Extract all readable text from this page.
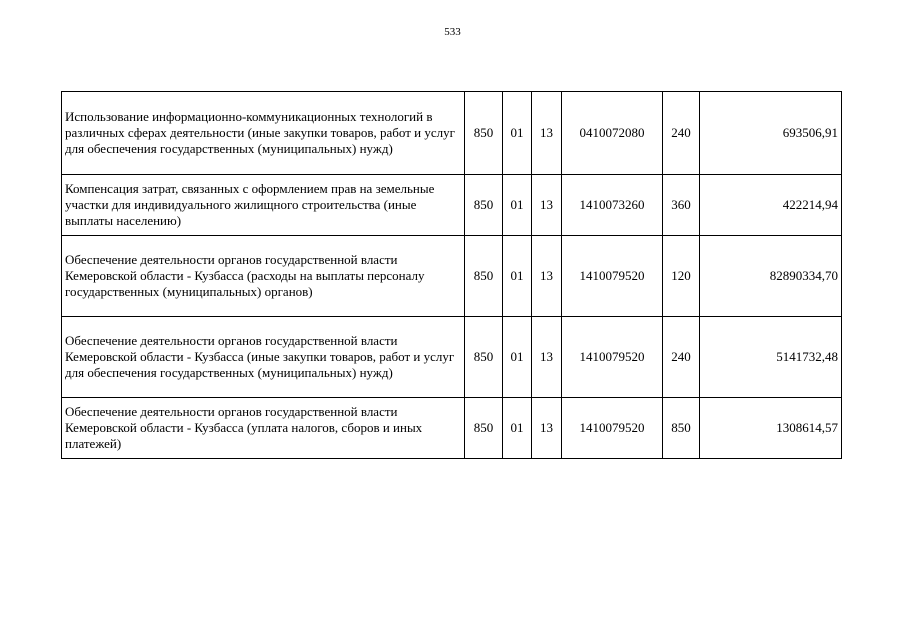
533
Использование информационно-коммуникационных технологий в различных сферах деятельности (иные закупки товаров, работ и услуг для обеспечения государственных (муниципальных) нужд)	850	01	13	0410072080	240	693506,91
Компенсация затрат, связанных с оформлением прав на земельные участки для индивидуального жилищного строительства (иные выплаты населению)	850	01	13	1410073260	360	422214,94
Обеспечение деятельности органов государственной власти Кемеровской области - Кузбасса (расходы на выплаты персоналу государственных (муниципальных) органов)	850	01	13	1410079520	120	82890334,70
Обеспечение деятельности органов государственной власти Кемеровской области - Кузбасса (иные закупки товаров, работ и услуг для обеспечения государственных (муниципальных) нужд)	850	01	13	1410079520	240	5141732,48
Обеспечение деятельности органов государственной власти Кемеровской области - Кузбасса (уплата налогов, сборов и иных платежей)	850	01	13	1410079520	850	1308614,57
